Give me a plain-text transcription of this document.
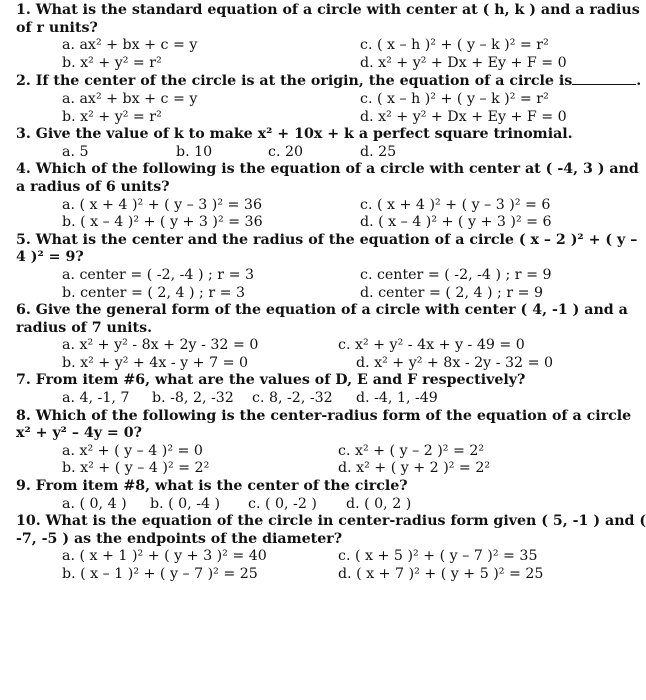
1. What is the standard equation of a circle with center at ( h, k ) and a radius
of r units?
a. ax² + bx + c = y	c. ( x – h )² + ( y – k )² = r²
b. x² + y² = r²	d. x² + y² + Dx + Ey + F = 0
2. If the center of the circle is at the origin, the equation of a circle is	.
a. ax² + bx + c = y	c. ( x – h )² + ( y – k )² = r²
b. x² + y² = r²	d. x² + y² + Dx + Ey + F = 0
3. Give the value of k to make x² + 10x + k a perfect square trinomial.
a. 5	b. 10	c. 20	d. 25
4. Which of the following is the equation of a circle with center at ( -4, 3 ) and
a radius of 6 units?
a. ( x + 4 )² + ( y – 3 )² = 36	c. ( x + 4 )² + ( y – 3 )² = 6
b. ( x – 4 )² + ( y + 3 )² = 36	d. ( x – 4 )² + ( y + 3 )² = 6
5. What is the center and the radius of the equation of a circle ( x – 2 )² + ( y –
4 )² = 9?
a. center = ( -2, -4 ) ; r = 3	c. center = ( -2, -4 ) ; r = 9
b. center = ( 2, 4 ) ; r = 3	d. center = ( 2, 4 ) ; r = 9
6. Give the general form of the equation of a circle with center ( 4, -1 ) and a
radius of 7 units.
a. x² + y² - 8x + 2y - 32 = 0	c. x² + y² - 4x + y - 49 = 0
b. x² + y² + 4x - y + 7 = 0	d. x² + y² + 8x - 2y - 32 = 0
7. From item #6, what are the values of D, E and F respectively?
a. 4, -1, 7 b. -8, 2, -32 c. 8, -2, -32 d. -4, 1, -49
8. Which of the following is the center-radius form of the equation of a circle
x² + y² – 4y = 0?
a. x² + ( y – 4 )² = 0	c. x² + ( y – 2 )² = 2²
b. x² + ( y – 4 )² = 2²	d. x² + ( y + 2 )² = 2²
9. From item #8, what is the center of the circle?
a. ( 0, 4 ) b. ( 0, -4 ) c. ( 0, -2 ) d. ( 0, 2 )
10. What is the equation of the circle in center-radius form given ( 5, -1 ) and (
-7, -5 ) as the endpoints of the diameter?
a. ( x + 1 )² + ( y + 3 )² = 40	c. ( x + 5 )² + ( y – 7 )² = 35
b. ( x – 1 )² + ( y – 7 )² = 25	d. ( x + 7 )² + ( y + 5 )² = 25
